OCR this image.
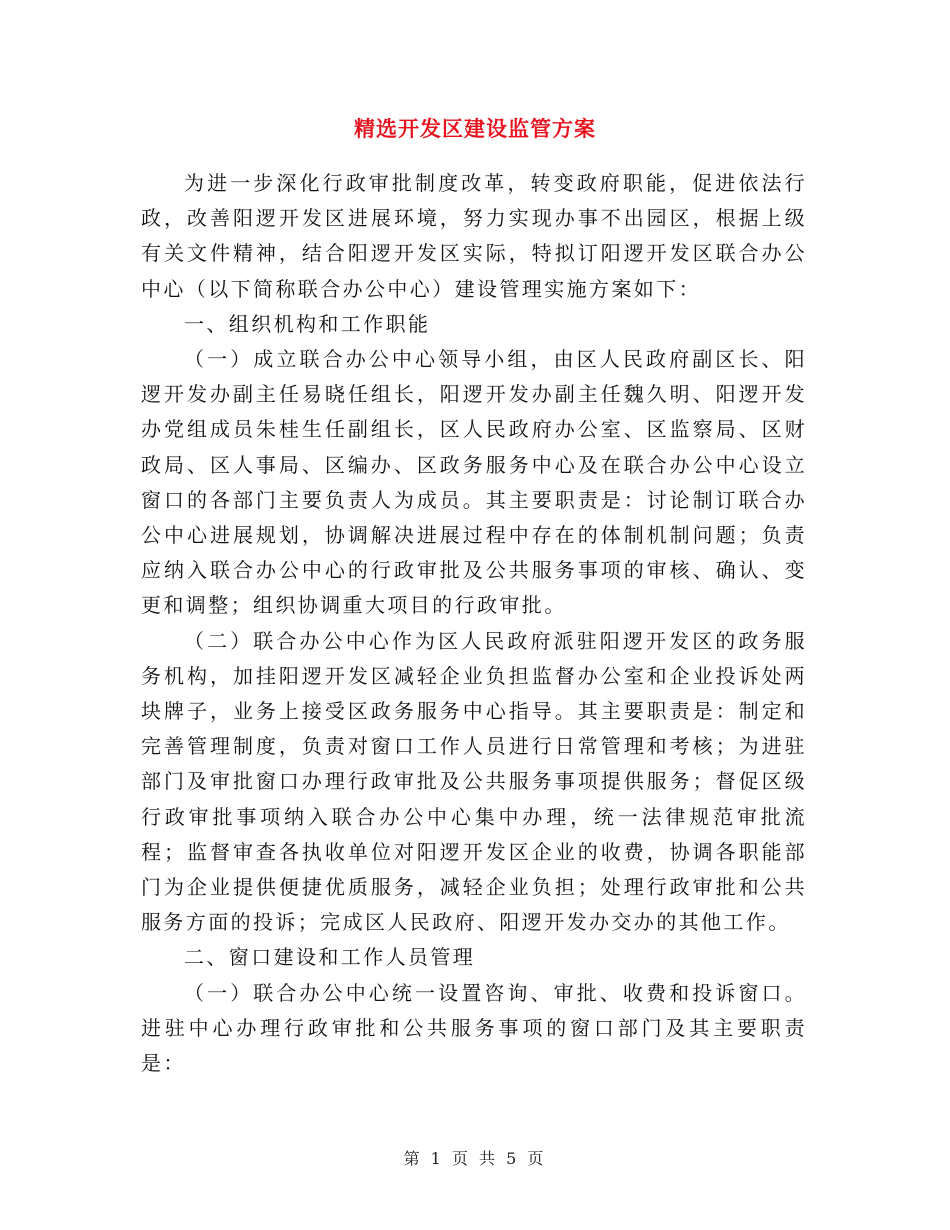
精选开发区建设监管方案

为进一步深化行政审批制度改革，转变政府职能，促进依法行政，改善阳逻开发区进展环境，努力实现办事不出园区，根据上级有关文件精神，结合阳逻开发区实际，特拟订阳逻开发区联合办公中心（以下简称联合办公中心）建设管理实施方案如下：

一、组织机构和工作职能

（一）成立联合办公中心领导小组，由区人民政府副区长、阳逻开发办副主任易晓任组长，阳逻开发办副主任魏久明、阳逻开发办党组成员朱桂生任副组长，区人民政府办公室、区监察局、区财政局、区人事局、区编办、区政务服务中心及在联合办公中心设立窗口的各部门主要负责人为成员。其主要职责是：讨论制订联合办公中心进展规划，协调解决进展过程中存在的体制机制问题；负责应纳入联合办公中心的行政审批及公共服务事项的审核、确认、变更和调整；组织协调重大项目的行政审批。

（二）联合办公中心作为区人民政府派驻阳逻开发区的政务服务机构，加挂阳逻开发区减轻企业负担监督办公室和企业投诉处两块牌子，业务上接受区政务服务中心指导。其主要职责是：制定和完善管理制度，负责对窗口工作人员进行日常管理和考核；为进驻部门及审批窗口办理行政审批及公共服务事项提供服务；督促区级行政审批事项纳入联合办公中心集中办理，统一法律规范审批流程；监督审查各执收单位对阳逻开发区企业的收费，协调各职能部门为企业提供便捷优质服务，减轻企业负担；处理行政审批和公共服务方面的投诉；完成区人民政府、阳逻开发办交办的其他工作。

二、窗口建设和工作人员管理

（一）联合办公中心统一设置咨询、审批、收费和投诉窗口。进驻中心办理行政审批和公共服务事项的窗口部门及其主要职责是：

第 1 页 共 5 页
